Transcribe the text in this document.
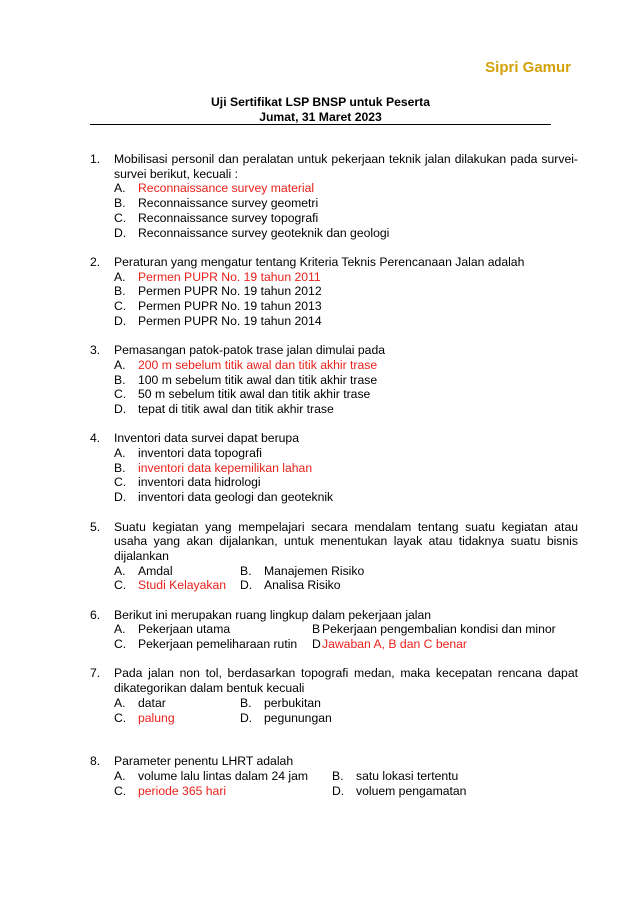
Sipri Gamur
Uji Sertifikat LSP BNSP untuk Peserta
Jumat, 31 Maret 2023
1. Mobilisasi personil dan peralatan untuk pekerjaan teknik jalan dilakukan pada survei-survei berikut, kecuali :
A. Reconnaissance survey material
B. Reconnaissance survey geometri
C. Reconnaissance survey topografi
D. Reconnaissance survey geoteknik dan geologi
2. Peraturan yang mengatur tentang Kriteria Teknis Perencanaan Jalan adalah
A. Permen PUPR No. 19 tahun 2011
B. Permen PUPR No. 19 tahun 2012
C. Permen PUPR No. 19 tahun 2013
D. Permen PUPR No. 19 tahun 2014
3. Pemasangan patok-patok trase jalan dimulai pada
A. 200 m sebelum titik awal dan titik akhir trase
B. 100 m sebelum titik awal dan titik akhir trase
C. 50 m sebelum titik awal dan titik akhir trase
D. tepat di titik awal dan titik akhir trase
4. Inventori data survei dapat berupa
A. inventori data topografi
B. inventori data kepemilikan lahan
C. inventori data hidrologi
D. inventori data geologi dan geoteknik
5. Suatu kegiatan yang mempelajari secara mendalam tentang suatu kegiatan atau usaha yang akan dijalankan, untuk menentukan layak atau tidaknya suatu bisnis dijalankan
A. Amdal	B. Manajemen Risiko
C. Studi Kelayakan D. Analisa Risiko
6. Berikut ini merupakan ruang lingkup dalam pekerjaan jalan
A. Pekerjaan utama	B Pekerjaan pengembalian kondisi dan minor
C. Pekerjaan pemeliharaan rutin D Jawaban A, B dan C benar
7. Pada jalan non tol, berdasarkan topografi medan, maka kecepatan rencana dapat dikategorikan dalam bentuk kecuali
A. datar	B. perbukitan
C. palung	D. pegunungan
8. Parameter penentu LHRT adalah
A. volume lalu lintas dalam 24 jam B. satu lokasi tertentu
C. periode 365 hari	D. voluem pengamatan
